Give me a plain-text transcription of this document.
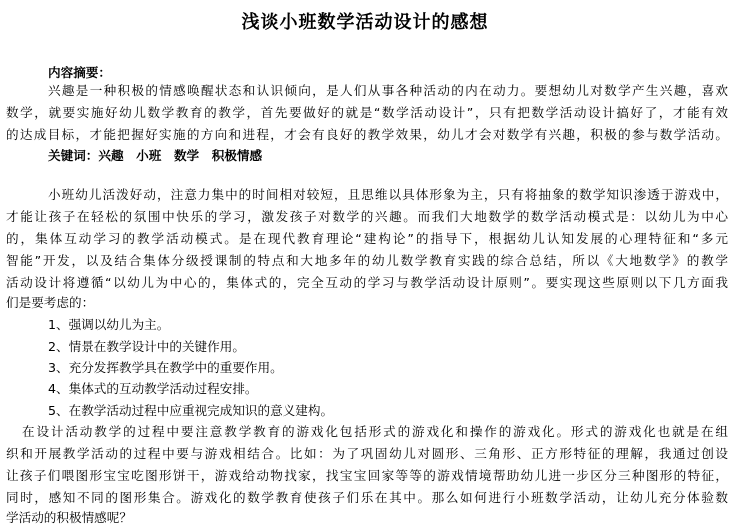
浅谈小班数学活动设计的感想
内容摘要：
兴趣是一种积极的情感唤醒状态和认识倾向，是人们从事各种活动的内在动力。要想幼儿对数学产生兴趣，喜欢
数学，就要实施好幼儿数学教育的教学，首先要做好的就是“数学活动设计”，只有把数学活动设计搞好了，才能有效
的达成目标，才能把握好实施的方向和进程，才会有良好的教学效果，幼儿才会对数学有兴趣，积极的参与数学活动。
关键词：兴趣　小班　数学　积极情感
小班幼儿活泼好动，注意力集中的时间相对较短，且思维以具体形象为主，只有将抽象的数学知识渗透于游戏中，
才能让孩子在轻松的氛围中快乐的学习，激发孩子对数学的兴趣。而我们大地数学的数学活动模式是：以幼儿为中心
的，集体互动学习的教学活动模式。是在现代教育理论“建构论”的指导下，根据幼儿认知发展的心理特征和“多元
智能”开发，以及结合集体分级授课制的特点和大地多年的幼儿数学教育实践的综合总结，所以《大地数学》的教学
活动设计将遵循“以幼儿为中心的，集体式的，完全互动的学习与教学活动设计原则”。要实现这些原则以下几方面我
们是要考虑的：
1、强调以幼儿为主。
2、情景在教学设计中的关键作用。
3、充分发挥教学具在教学中的重要作用。
4、集体式的互动教学活动过程安排。
5、在教学活动过程中应重视完成知识的意义建构。
在设计活动教学的过程中要注意教学教育的游戏化包括形式的游戏化和操作的游戏化。形式的游戏化也就是在组
织和开展教学活动的过程中要与游戏相结合。比如：为了巩固幼儿对圆形、三角形、正方形特征的理解，我通过创设
让孩子们喂图形宝宝吃图形饼干，游戏给动物找家，找宝宝回家等等的游戏情境帮助幼儿进一步区分三种图形的特征，
同时，感知不同的图形集合。游戏化的数学教育使孩子们乐在其中。那么如何进行小班数学活动，让幼儿充分体验数
学活动的积极情感呢？
